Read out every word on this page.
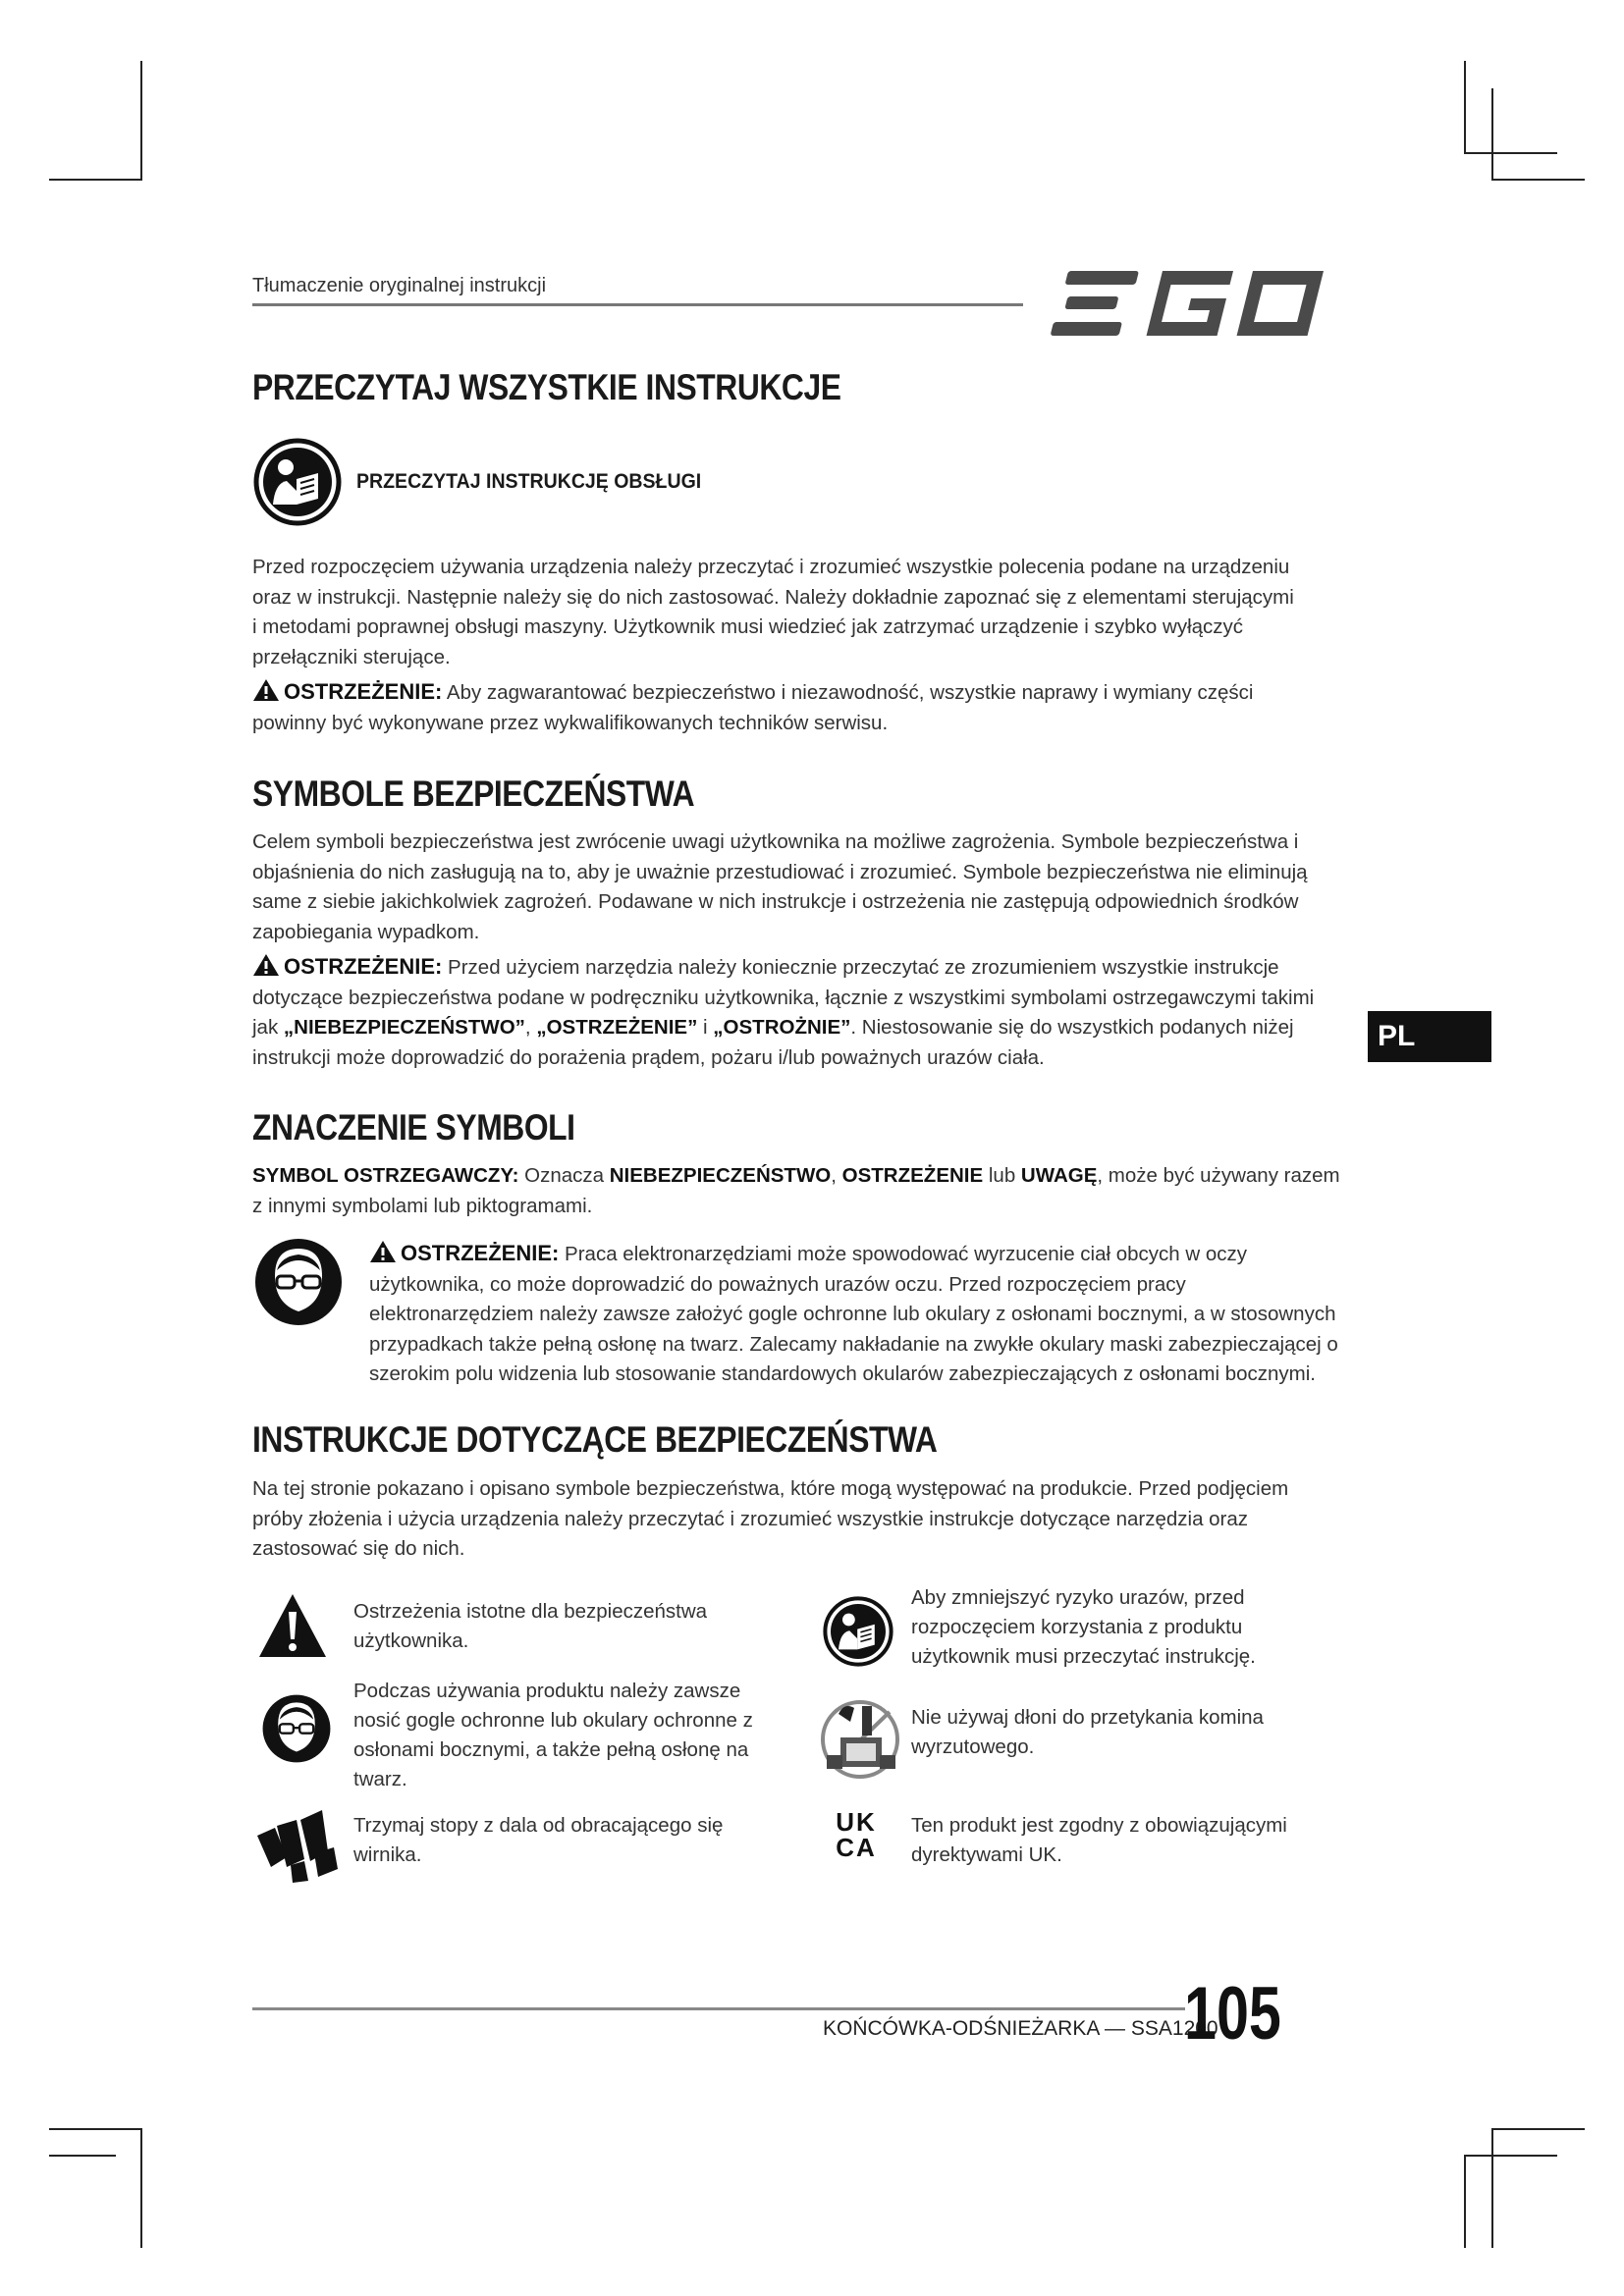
Tłumaczenie oryginalnej instrukcji
PL
PRZECZYTAJ WSZYSTKIE INSTRUKCJE
PRZECZYTAJ INSTRUKCJĘ OBSŁUGI
Przed rozpoczęciem używania urządzenia należy przeczytać i zrozumieć wszystkie polecenia podane na urządzeniu
oraz w instrukcji. Następnie należy się do nich zastosować. Należy dokładnie zapoznać się z elementami sterującymi
i metodami poprawnej obsługi maszyny. Użytkownik musi wiedzieć jak zatrzymać urządzenie i szybko wyłączyć
przełączniki sterujące.
OSTRZEŻENIE: Aby zagwarantować bezpieczeństwo i niezawodność, wszystkie naprawy i wymiany części
powinny być wykonywane przez wykwalifikowanych techników serwisu.
SYMBOLE BEZPIECZEŃSTWA
Celem symboli bezpieczeństwa jest zwrócenie uwagi użytkownika na możliwe zagrożenia. Symbole bezpieczeństwa i
objaśnienia do nich zasługują na to, aby je uważnie przestudiować i zrozumieć. Symbole bezpieczeństwa nie eliminują
same z siebie jakichkolwiek zagrożeń. Podawane w nich instrukcje i ostrzeżenia nie zastępują odpowiednich środków
zapobiegania wypadkom.
OSTRZEŻENIE: Przed użyciem narzędzia należy koniecznie przeczytać ze zrozumieniem wszystkie instrukcje
dotyczące bezpieczeństwa podane w podręczniku użytkownika, łącznie z wszystkimi symbolami ostrzegawczymi takimi
jak „NIEBEZPIECZEŃSTWO”, „OSTRZEŻENIE” i „OSTROŻNIE”. Niestosowanie się do wszystkich podanych niżej
instrukcji może doprowadzić do porażenia prądem, pożaru i/lub poważnych urazów ciała.
ZNACZENIE SYMBOLI
SYMBOL OSTRZEGAWCZY: Oznacza NIEBEZPIECZEŃSTWO, OSTRZEŻENIE lub UWAGĘ, może być używany razem
z innymi symbolami lub piktogramami.
OSTRZEŻENIE: Praca elektronarzędziami może spowodować wyrzucenie ciał obcych w oczy
użytkownika, co może doprowadzić do poważnych urazów oczu. Przed rozpoczęciem pracy
elektronarzędziem należy zawsze założyć gogle ochronne lub okulary z osłonami bocznymi, a w stosownych
przypadkach także pełną osłonę na twarz. Zalecamy nakładanie na zwykłe okulary maski zabezpieczającej o
szerokim polu widzenia lub stosowanie standardowych okularów zabezpieczających z osłonami bocznymi.
INSTRUKCJE DOTYCZĄCE BEZPIECZEŃSTWA
Na tej stronie pokazano i opisano symbole bezpieczeństwa, które mogą występować na produkcie. Przed podjęciem
próby złożenia i użycia urządzenia należy przeczytać i zrozumieć wszystkie instrukcje dotyczące narzędzia oraz
zastosować się do nich.
Ostrzeżenia istotne dla bezpieczeństwa
użytkownika.
Podczas używania produktu należy zawsze
nosić gogle ochronne lub okulary ochronne z
osłonami bocznymi, a także pełną osłonę na
twarz.
Trzymaj stopy z dala od obracającego się
wirnika.
Aby zmniejszyć ryzyko urazów, przed
rozpoczęciem korzystania z produktu
użytkownik musi przeczytać instrukcję.
Nie używaj dłoni do przetykania komina
wyrzutowego.
UK
CA
Ten produkt jest zgodny z obowiązującymi
dyrektywami UK.
KOŃCÓWKA-ODŚNIEŻARKA — SSA1200
105
